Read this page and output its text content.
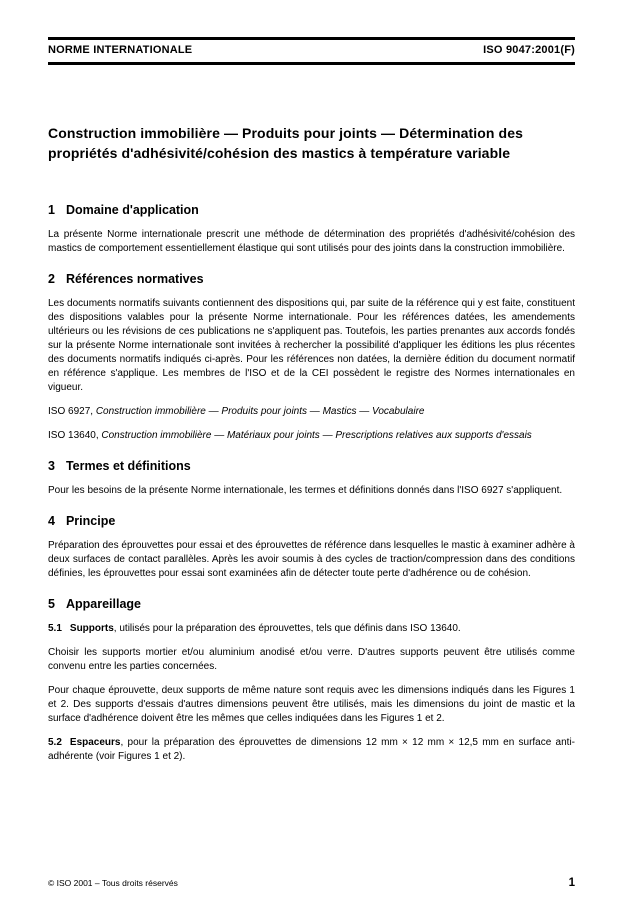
NORME INTERNATIONALE	ISO 9047:2001(F)
Construction immobilière — Produits pour joints — Détermination des propriétés d'adhésivité/cohésion des mastics à température variable
1 Domaine d'application

La présente Norme internationale prescrit une méthode de détermination des propriétés d'adhésivité/cohésion des mastics de comportement essentiellement élastique qui sont utilisés pour des joints dans la construction immobilière.

2 Références normatives

Les documents normatifs suivants contiennent des dispositions qui, par suite de la référence qui y est faite, constituent des dispositions valables pour la présente Norme internationale. Pour les références datées, les amendements ultérieurs ou les révisions de ces publications ne s'appliquent pas. Toutefois, les parties prenantes aux accords fondés sur la présente Norme internationale sont invitées à rechercher la possibilité d'appliquer les éditions les plus récentes des documents normatifs indiqués ci-après. Pour les références non datées, la dernière édition du document normatif en référence s'applique. Les membres de l'ISO et de la CEI possèdent le registre des Normes internationales en vigueur.

ISO 6927, Construction immobilière — Produits pour joints — Mastics — Vocabulaire

ISO 13640, Construction immobilière — Matériaux pour joints — Prescriptions relatives aux supports d'essais

3 Termes et définitions

Pour les besoins de la présente Norme internationale, les termes et définitions donnés dans l'ISO 6927 s'appliquent.

4 Principe

Préparation des éprouvettes pour essai et des éprouvettes de référence dans lesquelles le mastic à examiner adhère à deux surfaces de contact parallèles. Après les avoir soumis à des cycles de traction/compression dans des conditions définies, les éprouvettes pour essai sont examinées afin de détecter toute perte d'adhérence ou de cohésion.

5 Appareillage

5.1 Supports, utilisés pour la préparation des éprouvettes, tels que définis dans ISO 13640.

Choisir les supports mortier et/ou aluminium anodisé et/ou verre. D'autres supports peuvent être utilisés comme convenu entre les parties concernées.

Pour chaque éprouvette, deux supports de même nature sont requis avec les dimensions indiqués dans les Figures 1 et 2. Des supports d'essais d'autres dimensions peuvent être utilisés, mais les dimensions du joint de mastic et la surface d'adhérence doivent être les mêmes que celles indiquées dans les Figures 1 et 2.

5.2 Espaceurs, pour la préparation des éprouvettes de dimensions 12 mm × 12 mm × 12,5 mm en surface anti-adhérente (voir Figures 1 et 2).

© ISO 2001 – Tous droits réservés	1
